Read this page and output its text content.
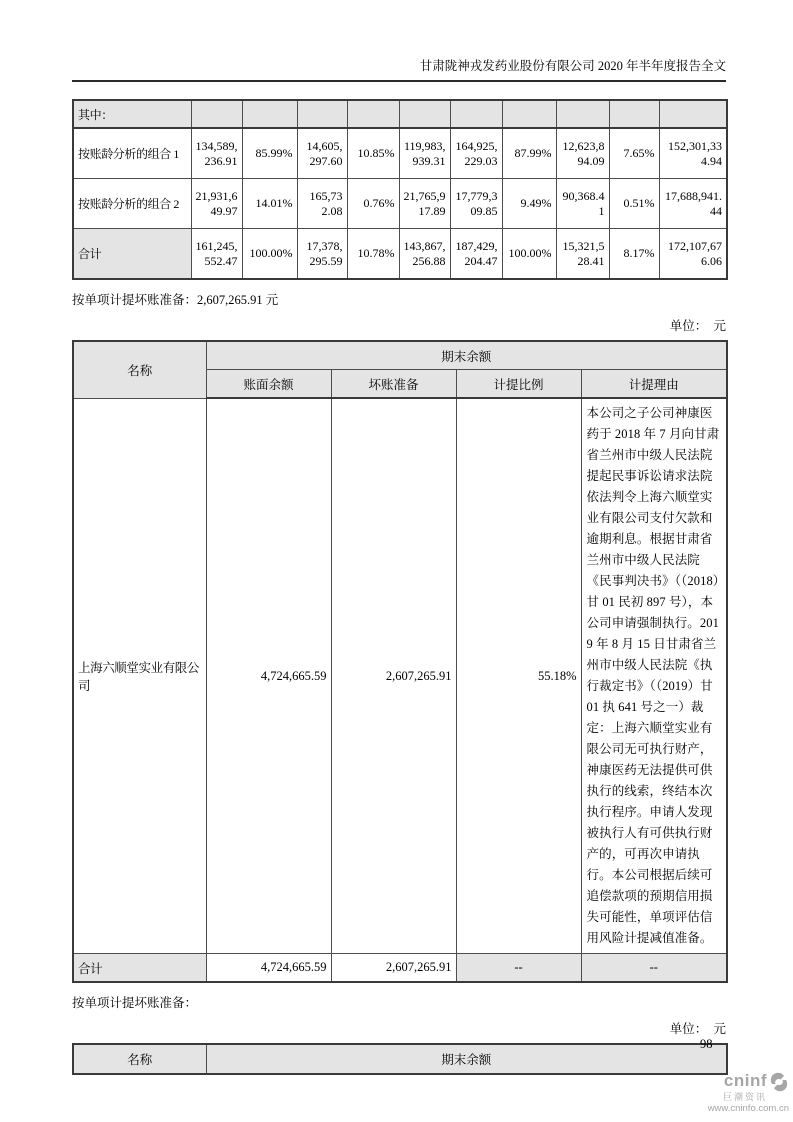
甘肃陇神戎发药业股份有限公司 2020 年半年度报告全文
其中：										
按账龄分析的组合 1	134,589,236.91	85.99%	14,605,297.60	10.85%	119,983,939.31	164,925,229.03	87.99%	12,623,894.09	7.65%	152,301,334.94
按账龄分析的组合 2	21,931,649.97	14.01%	165,732.08	0.76%	21,765,917.89	17,779,309.85	9.49%	90,368.41	0.51%	17,688,941.44
合计	161,245,552.47	100.00%	17,378,295.59	10.78%	143,867,256.88	187,429,204.47	100.00%	15,321,528.41	8.17%	172,107,676.06

按单项计提坏账准备：2,607,265.91 元

单位：　元
名称	期末余额			
	账面余额	坏账准备	计提比例	计提理由
上海六顺堂实业有限公司	4,724,665.59	2,607,265.91	55.18%	本公司之子公司神康医药于 2018 年 7 月向甘肃省兰州市中级人民法院提起民事诉讼请求法院依法判令上海六顺堂实业有限公司支付欠款和逾期利息。根据甘肃省兰州市中级人民法院《民事判决书》（（2018）甘 01 民初 897 号），本公司申请强制执行。2019 年 8 月 15 日甘肃省兰州市中级人民法院《执行裁定书》（（2019）甘 01 执 641 号之一）裁定：上海六顺堂实业有限公司无可执行财产，神康医药无法提供可供执行的线索，终结本次执行程序。申请人发现被执行人有可供执行财产的，可再次申请执行。本公司根据后续可追偿款项的预期信用损失可能性，单项评估信用风险计提减值准备。
合计	4,724,665.59	2,607,265.91	--	--

按单项计提坏账准备：

单位：　元
名称	期末余额
98
cninf
巨潮资讯
www.cninfo.com.cn
